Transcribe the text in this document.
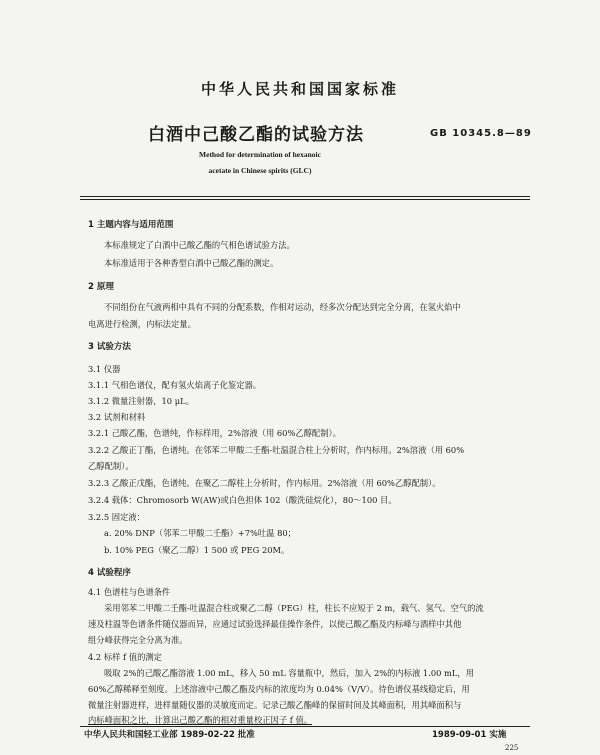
中华人民共和国国家标准
白酒中己酸乙酯的试验方法	GB 10345.8—89
Method for determination of hexanoic
acetate in Chinese spirits (GLC)
1 主题内容与适用范围
本标准规定了白酒中己酸乙酯的气相色谱试验方法。
本标准适用于各种香型白酒中己酸乙酯的测定。
2 原理
不同组份在气液两相中具有不同的分配系数，作相对运动，经多次分配达到完全分离，在氢火焰中
电离进行检测，内标法定量。
3 试验方法
3.1 仪器
3.1.1 气相色谱仪，配有氢火焰离子化鉴定器。
3.1.2 微量注射器，10 μL。
3.2 试剂和材料
3.2.1 己酸乙酯，色谱纯，作标样用，2%溶液（用 60%乙醇配制）。
3.2.2 乙酸正丁酯，色谱纯。在邻苯二甲酸二壬酯-吐温混合柱上分析时，作内标用。2%溶液（用 60%
乙醇配制）。
3.2.3 乙酸正戊酯，色谱纯。在聚乙二醇柱上分析时，作内标用。2%溶液（用 60%乙醇配制）。
3.2.4 载体：Chromosorb W(AW)或白色担体 102（酸洗硅烷化），80～100 目。
3.2.5 固定液：
a. 20% DNP（邻苯二甲酸二壬酯）+7%吐温 80；
b. 10% PEG（聚乙二醇）1 500 或 PEG 20M。
4 试验程序
4.1 色谱柱与色谱条件
采用邻苯二甲酸二壬酯-吐温混合柱或聚乙二醇（PEG）柱，柱长不应短于 2 m，载气、氢气、空气的流
速及柱温等色谱条件随仪器而异，应通过试验选择最佳操作条件，以使己酸乙酯及内标峰与酒样中其他
组分峰获得完全分离为准。
4.2 标样 f 值的测定
吸取 2%的己酸乙酯溶液 1.00 mL，移入 50 mL 容量瓶中，然后，加入 2%的内标液 1.00 mL，用
60%乙醇稀释至刻度。上述溶液中己酸乙酯及内标的浓度均为 0.04%（V/V）。待色谱仪基线稳定后，用
微量注射器进样，进样量随仪器的灵敏度而定。记录己酸乙酯峰的保留时间及其峰面积，用其峰面积与
内标峰面积之比，计算出己酸乙酯的相对重量校正因子 f 值。
中华人民共和国轻工业部 1989-02-22 批准	1989-09-01 实施
225
